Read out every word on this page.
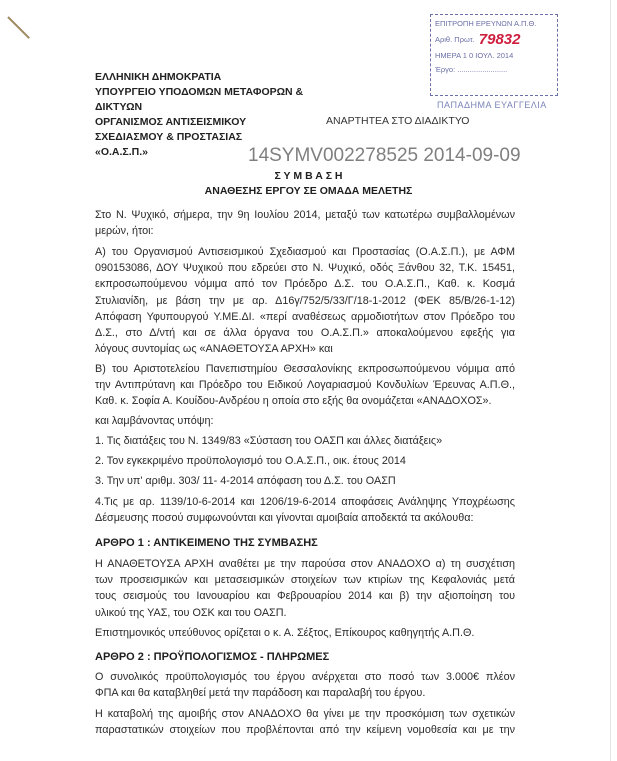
ΕΛΛΗΝΙΚΗ ΔΗΜΟΚΡΑΤΙΑ
ΥΠΟΥΡΓΕΙΟ ΥΠΟΔΟΜΩΝ ΜΕΤΑΦΟΡΩΝ &
ΔΙΚΤΥΩΝ
ΟΡΓΑΝΙΣΜΟΣ ΑΝΤΙΣΕΙΣΜΙΚΟΥ
ΣΧΕΔΙΑΣΜΟΥ & ΠΡΟΣΤΑΣΙΑΣ
«Ο.Α.Σ.Π.»
ΑΝΑΡΤΗΤΕΑ ΣΤΟ ΔΙΑΔΙΚΤΥΟ
ΕΠΙΤΡΟΠΗ ΕΡΕΥΝΩΝ Α.Π.Θ.
Αριθ. Πρωτ. 79832
ΗΜΕΡΑ 1 0 ΙΟΥΛ. 2014
Έργο: ........................
ΠΑΠΑΔΗΜΑ ΕΥΑΓΓΕΛΙΑ
14SYMV002278525 2014-09-09
Σ Υ Μ Β Α Σ Η
ΑΝΑΘΕΣΗΣ ΕΡΓΟΥ ΣΕ ΟΜΑΔΑ ΜΕΛΕΤΗΣ
Στο Ν. Ψυχικό, σήμερα, την 9η Ιουλίου 2014, μεταξύ των κατωτέρω συμβαλλομένων
μερών, ήτοι:
Α) του Οργανισμού Αντισεισμικού Σχεδιασμού και Προστασίας (Ο.Α.Σ.Π.), με ΑΦΜ
090153086, ΔΟΥ Ψυχικού που εδρεύει στο Ν. Ψυχικό, οδός Ξάνθου 32, Τ.Κ. 15451,
εκπροσωπούμενου νόμιμα από τον Πρόεδρο Δ.Σ. του Ο.Α.Σ.Π., Καθ. κ. Κοσμά
Στυλιανίδη, με βάση την με αρ. Δ16γ/752/5/33/Γ/18-1-2012 (ΦΕΚ 85/Β/26-1-12)
Απόφαση Υφυπουργού Υ.ΜΕ.ΔΙ. «περί αναθέσεως αρμοδιοτήτων στον Πρόεδρο του
Δ.Σ., στο Δ/ντή και σε άλλα όργανα του Ο.Α.Σ.Π.» αποκαλούμενου εφεξής για
λόγους συντομίας ως «ΑΝΑΘΕΤΟΥΣΑ ΑΡΧΗ» και
Β) του Αριστοτελείου Πανεπιστημίου Θεσσαλονίκης εκπροσωπούμενου νόμιμα από
την Αντιπρύτανη και Πρόεδρο του Ειδικού Λογαριασμού Κονδυλίων Έρευνας Α.Π.Θ.,
Καθ. κ. Σοφία Α. Κουίδου-Ανδρέου η οποία στο εξής θα ονομάζεται «ΑΝΑΔΟΧΟΣ».
και λαμβάνοντας υπόψη:
1. Τις διατάξεις του Ν. 1349/83 «Σύσταση του ΟΑΣΠ και άλλες διατάξεις»
2. Τον εγκεκριμένο προϋπολογισμό του Ο.Α.Σ.Π., οικ. έτους 2014
3. Την υπ' αριθμ. 303/ 11- 4-2014 απόφαση του Δ.Σ. του ΟΑΣΠ
4.Τις με αρ. 1139/10-6-2014 και 1206/19-6-2014 αποφάσεις Ανάληψης Υποχρέωσης
Δέσμευσης ποσού συμφωνούνται και γίνονται αμοιβαία αποδεκτά τα ακόλουθα:
ΑΡΘΡΟ 1 : ΑΝΤΙΚΕΙΜΕΝΟ ΤΗΣ ΣΥΜΒΑΣΗΣ
Η ΑΝΑΘΕΤΟΥΣΑ ΑΡΧΗ αναθέτει με την παρούσα στον ΑΝΑΔΟΧΟ α) τη συσχέτιση
των προσεισμικών και μετασεισμικών στοιχείων των κτιρίων της Κεφαλονιάς μετά
τους σεισμούς του Ιανουαρίου και Φεβρουαρίου 2014 και β) την αξιοποίηση του
υλικού της ΥΑΣ, του ΟΣΚ και του ΟΑΣΠ.
Επιστημονικός υπεύθυνος ορίζεται ο κ. Α. Σέξτος, Επίκουρος καθηγητής Α.Π.Θ.
ΑΡΘΡΟ 2 : ΠΡΟΫΠΟΛΟΓΙΣΜΟΣ - ΠΛΗΡΩΜΕΣ
Ο συνολικός προϋπολογισμός του έργου ανέρχεται στο ποσό των 3.000€ πλέον
ΦΠΑ και θα καταβληθεί μετά την παράδοση και παραλαβή του έργου.
Η καταβολή της αμοιβής στον ΑΝΑΔΟΧΟ θα γίνει με την προσκόμιση των σχετικών
παραστατικών στοιχείων που προβλέπονται από την κείμενη νομοθεσία και με την
